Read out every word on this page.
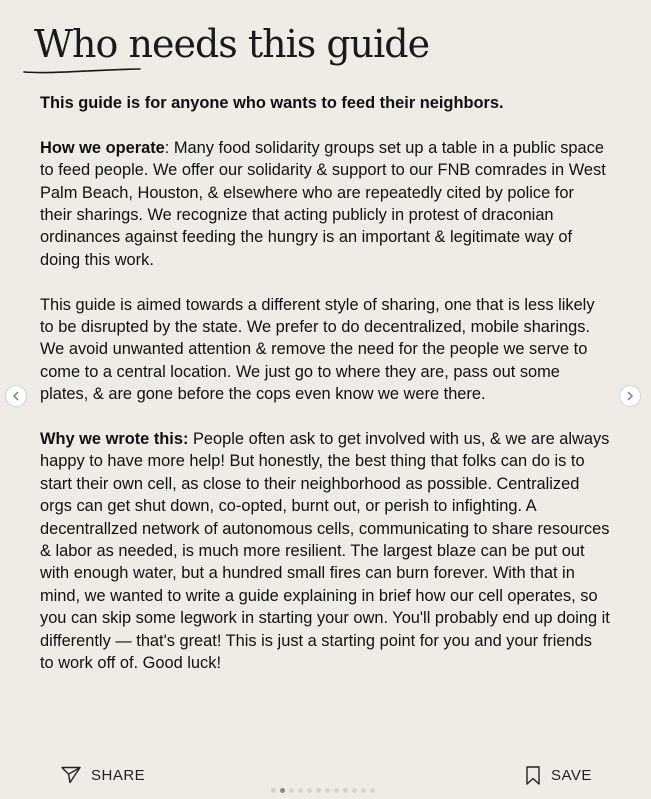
Who needs this guide

This guide is for anyone who wants to feed their neighbors.

How we operate: Many food solidarity groups set up a table in a public space to feed people. We offer our solidarity & support to our FNB comrades in West Palm Beach, Houston, & elsewhere who are repeatedly cited by police for their sharings. We recognize that acting publicly in protest of draconian ordinances against feeding the hungry is an important & legitimate way of doing this work.

This guide is aimed towards a different style of sharing, one that is less likely to be disrupted by the state. We prefer to do decentralized, mobile sharings. We avoid unwanted attention & remove the need for the people we serve to come to a central location. We just go to where they are, pass out some plates, & are gone before the cops even know we were there.

Why we wrote this: People often ask to get involved with us, & we are always happy to have more help! But honestly, the best thing that folks can do is to start their own cell, as close to their neighborhood as possible. Centralized orgs can get shut down, co-opted, burnt out, or perish to infighting. A decentrallzed network of autonomous cells, communicating to share resources & labor as needed, is much more resilient. The largest blaze can be put out with enough water, but a hundred small fires can burn forever. With that in mind, we wanted to write a guide explaining in brief how our cell operates, so you can skip some legwork in starting your own. You'll probably end up doing it differently — that's great! This is just a starting point for you and your friends to work off of. Good luck!

SHARE	SAVE
